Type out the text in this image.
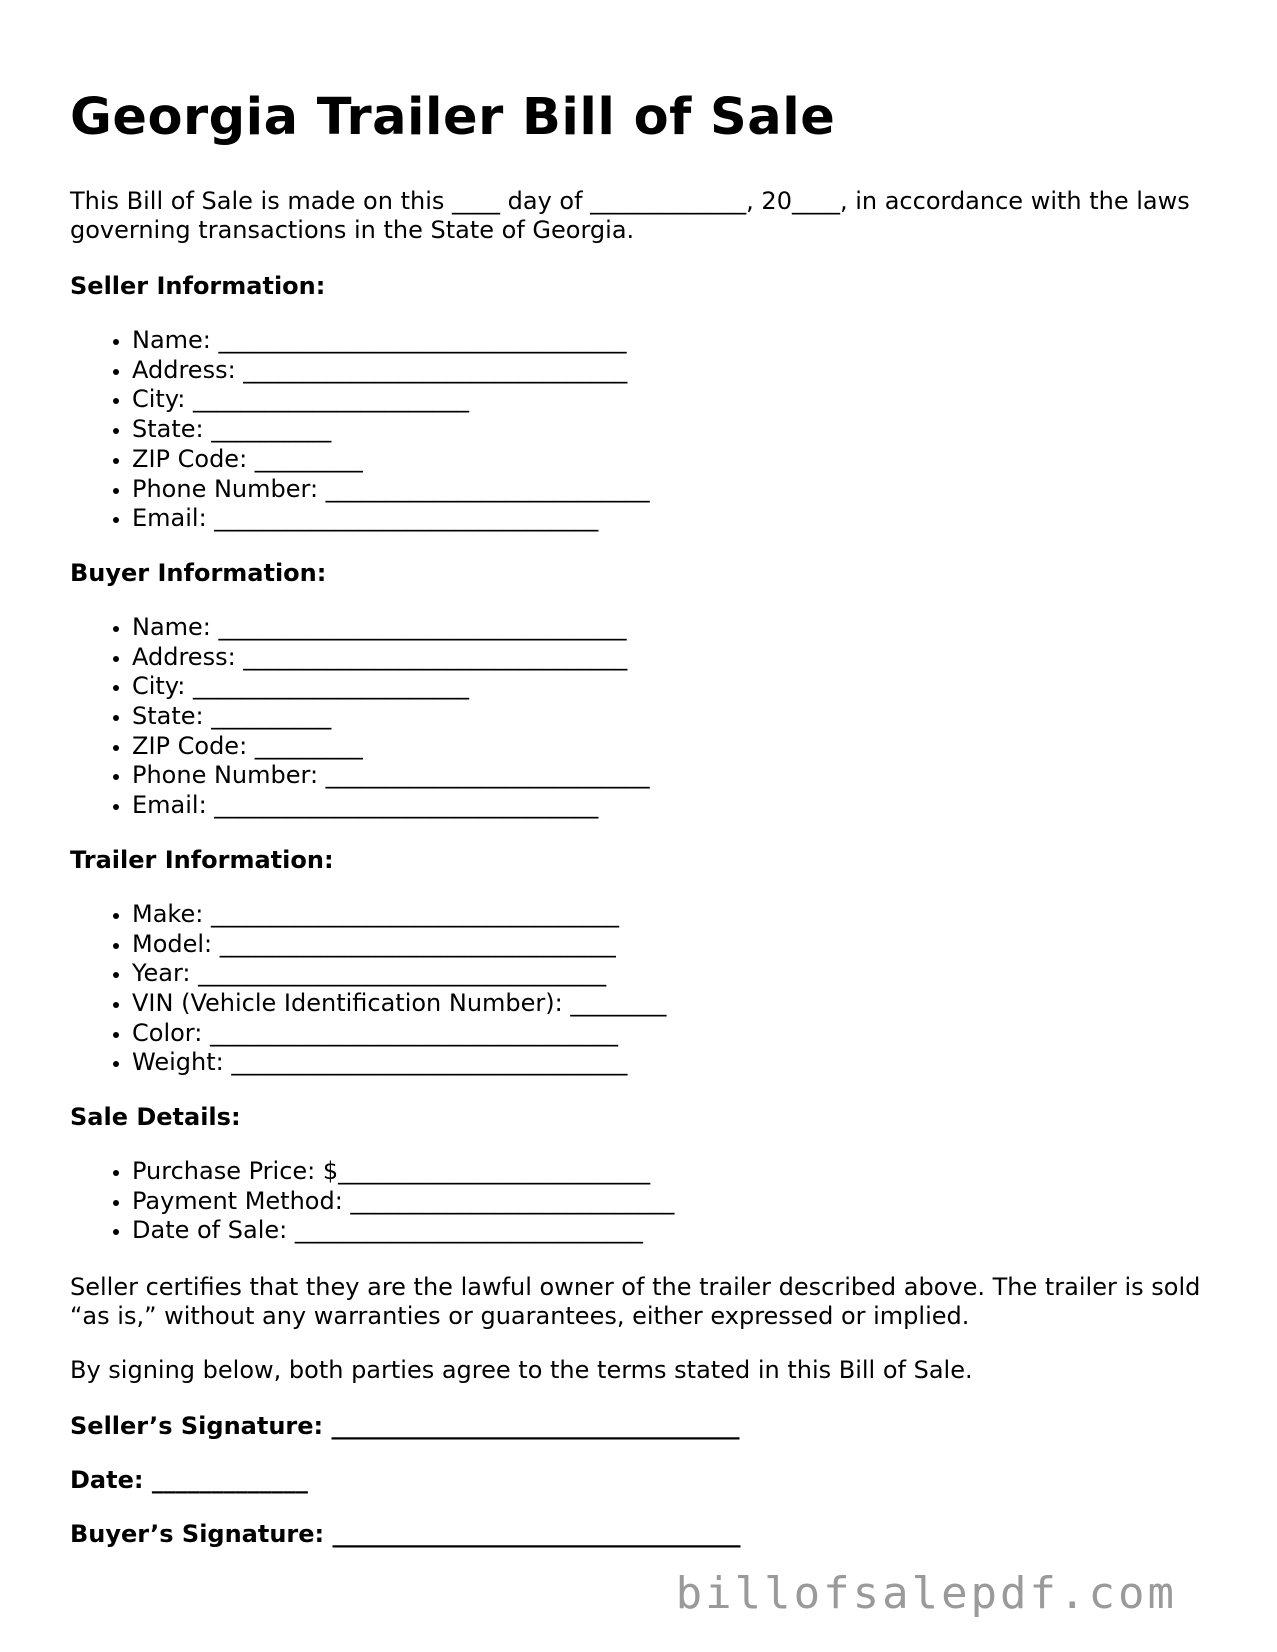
Georgia Trailer Bill of Sale

This Bill of Sale is made on this ____ day of _____________, 20____, in accordance with the laws governing transactions in the State of Georgia.

Seller Information:
• Name: __________________________________
• Address: ________________________________
• City: _______________________
• State: __________
• ZIP Code: _________
• Phone Number: ___________________________
• Email: ________________________________
Buyer Information:
• Name: __________________________________
• Address: ________________________________
• City: _______________________
• State: __________
• ZIP Code: _________
• Phone Number: ___________________________
• Email: ________________________________
Trailer Information:
• Make: __________________________________
• Model: _________________________________
• Year: __________________________________
• VIN (Vehicle Identification Number): ________
• Color: __________________________________
• Weight: _________________________________
Sale Details:
• Purchase Price: $__________________________
• Payment Method: ___________________________
• Date of Sale: _____________________________

Seller certifies that they are the lawful owner of the trailer described above. The trailer is sold “as is,” without any warranties or guarantees, either expressed or implied.

By signing below, both parties agree to the terms stated in this Bill of Sale.

Seller’s Signature: __________________________________

Date: _____________

Buyer’s Signature: __________________________________

billofsalepdf.com
